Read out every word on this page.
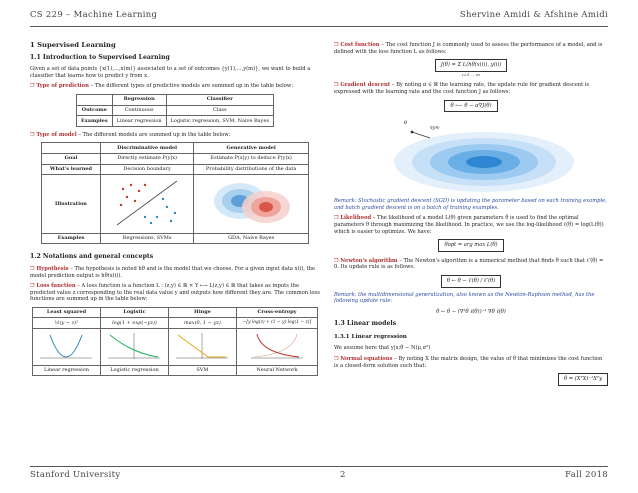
CS 229 – Machine Learning	Shervine Amidi & Afshine Amidi
1 Supervised Learning
1.1 Introduction to Supervised Learning

Given a set of data points {x(1),...,x(m)} associated to a set of outcomes {y(1),...,y(m)}, we want to build a classifier that learns how to predict y from x.

❐ Type of prediction – The different types of predictive models are summed up in the table below:

	Regression	Classifier
Outcome	Continuous	Class
Examples	Linear regression	Logistic regression, SVM, Naive Bayes

❐ Type of model – The different models are summed up in the table below:

	Discriminative model	Generative model
Goal	Directly estimate P(y|x)	Estimate P(x|y) to deduce P(y|x)
What's learned	Decision boundary	Probability distributions of the data
Illustration		
Examples	Regressions, SVMs	GDA, Naive Bayes
1.2 Notations and general concepts

❐ Hypothesis – The hypothesis is noted hθ and is the model that we choose. For a given input data x(i), the model prediction output is hθ(x(i)).

❐ Loss function – A loss function is a function L : (z,y) ∈ ℝ × Y ⟼ L(z,y) ∈ ℝ that takes as inputs the predicted value z corresponding to the real data value y and outputs how different they are. The common loss functions are summed up in the table below:

Least squared	Logistic	Hinge	Cross-entropy
½(y − z)²	log(1 + exp(−yz))	max(0, 1 − yz)	−[y log(z) + (1 − y) log(1 − z)]

Linear regression	Logistic regression	SVM	Neural Network

❐ Cost function – The cost function J is commonly used to assess the performance of a model, and is defined with the loss function L as follows:

J(θ) = Σ L(hθ(x(i)), y(i))
i=1 … m

❐ Gradient descent – By noting α ∈ ℝ the learning rate, the update rule for gradient descent is expressed with the learning rate and the cost function J as follows:

θ ⟵ θ − α∇J(θ)
θ
∇J(θ)

Remark: Stochastic gradient descent (SGD) is updating the parameter based on each training example, and batch gradient descent is on a batch of training examples.

❐ Likelihood – The likelihood of a model L(θ) given parameters θ is used to find the optimal parameters θ through maximizing the likelihood. In practice, we use the log-likelihood ℓ(θ) = log(L(θ)) which is easier to optimize. We have:

θopt = arg max L(θ)

❐ Newton's algorithm – The Newton's algorithm is a numerical method that finds θ such that ℓ′(θ) = 0. Its update rule is as follows:

θ ← θ − ℓ′(θ) / ℓ″(θ)

Remark: the multidimensional generalization, also known as the Newton-Raphson method, has the following update rule:

θ ← θ − (∇²θ ℓ(θ))⁻¹ ∇θ ℓ(θ)
1.3 Linear models
1.3.1 Linear regression

We assume here that y|x;θ ∼ N(μ,σ²)

❐ Normal equations – By noting X the matrix design, the value of θ that minimizes the cost function is a closed-form solution such that:

θ = (XᵀX)⁻¹Xᵀy
Stanford University	2	Fall 2018
